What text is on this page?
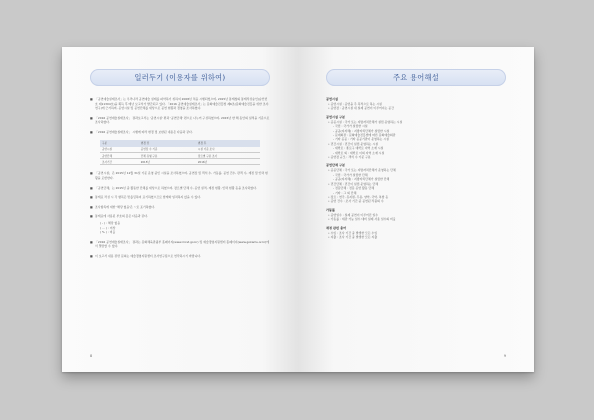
일러두기 (이용자를 위하여)
■ 「공연예술실태조사」는 우리나라 공연예술 실태를 파악하기 위하여 2008년 처음 시행되었으며, 2015년 통계청의 통계작성승인(승인번호 제11304호)을 획득 후 매년 보고서가 발간되고 있다. 「2016 공연예술실태조사」는 문화예술진흥법 제6조(문화예술진흥을 위한 조사·연구)에 근거하며, 공연시설 및 공연단체를 대상으로 공연 현황과 경영을 조사하였다.

■ 「2016 공연예술실태조사」 결과보고서는 '공연시설' 편과 '공연단체' 편으로 나누어 구성하였으며, 2015년 한 해 동안의 실적을 기준으로 조사하였다.

■ 「2016 공연예술실태조사」 시행에 따라 변경 및 보완된 내용은 다음과 같다.

구분	변경 전	변경 후
공연시설	공연장 수 기준	시설 기준 조사
공연단체	단체 유형 구분	장르별 구분 조사
조사기간	2015년	2016년
■ 「공연시설」은 2015년 12월 31일 기준 운영 중인 시설을 조사하였으며, 공연장 및 객석 수, 가동률, 공연 건수, 관객 수, 재정 및 인력 현황을 포함한다.

■ 「공연단체」는 2015년 중 활동한 단체를 대상으로 하였으며, 장르별 단체 수, 공연 실적, 재정 현황, 인력 현황 등을 조사하였다.

■ 통계표 작성 시 각 항목은 반올림하여 표기하였으므로 합계와 일치하지 않을 수 있다.

■ 조사항목에 대한 '해당 없음'은 '-'로 표기하였다.

■ 통계표에 사용된 부호의 뜻은 다음과 같다.

( - ) : 해당 없음
( … ) : 미상
( % ) : 비율
■ 「2016 공연예술실태조사」 결과는 문화체육관광부 홈페이지(www.mcst.go.kr) 및 예술경영지원센터 홈페이지(www.gokams.or.kr)에서 열람할 수 있다.

■ 이 보고서 내용 관련 문의는 예술경영지원센터 조사연구팀으로 연락하시기 바랍니다.

8
주요 용어해설
공연시설
• 공연시설 : 공연을 주 목적으로 하는 시설
• 공연장 : 공연시설 내 실제 공연이 이루어지는 공간
공연시설 구분
• 공공시설 : 국가 또는 지방자치단체가 설립·운영하는 시설
- 국립 : 국가가 설립한 시설
- 공공(지자체) : 지방자치단체가 설립한 시설
- 문예회관 : 문화예술진흥법에 따른 문화예술회관
- 기타 공공 : 기타 공공기관이 운영하는 시설
• 민간시설 : 민간이 설립·운영하는 시설
- 대학로 : 종로구 대학로 지역 소재 시설
- 대학로 외 : 대학로 이외 지역 소재 시설
• 공연장 규모 : 객석 수 기준 구분
공연단체 구분
• 공공단체 : 국가 또는 지방자치단체가 운영하는 단체
- 국립 : 국가가 설립한 단체
- 공공(지자체) : 지방자치단체가 설립한 단체
• 민간단체 : 민간이 설립·운영하는 단체
- 전문단체 : 전문 공연 활동 단체
- 기타 : 그 외 단체
• 장르 : 연극, 뮤지컬, 무용, 양악, 국악, 복합 등
• 공연 건수 : 조사 기간 중 공연된 작품의 수
가동률
• 공연일수 : 실제 공연이 이루어진 일수
• 가동률 : 대관 가능 일수 대비 실제 사용 일수의 비율
재정 관련 용어
• 수입 : 조사 기간 중 발생한 모든 수입
• 지출 : 조사 기간 중 발생한 모든 지출
9
